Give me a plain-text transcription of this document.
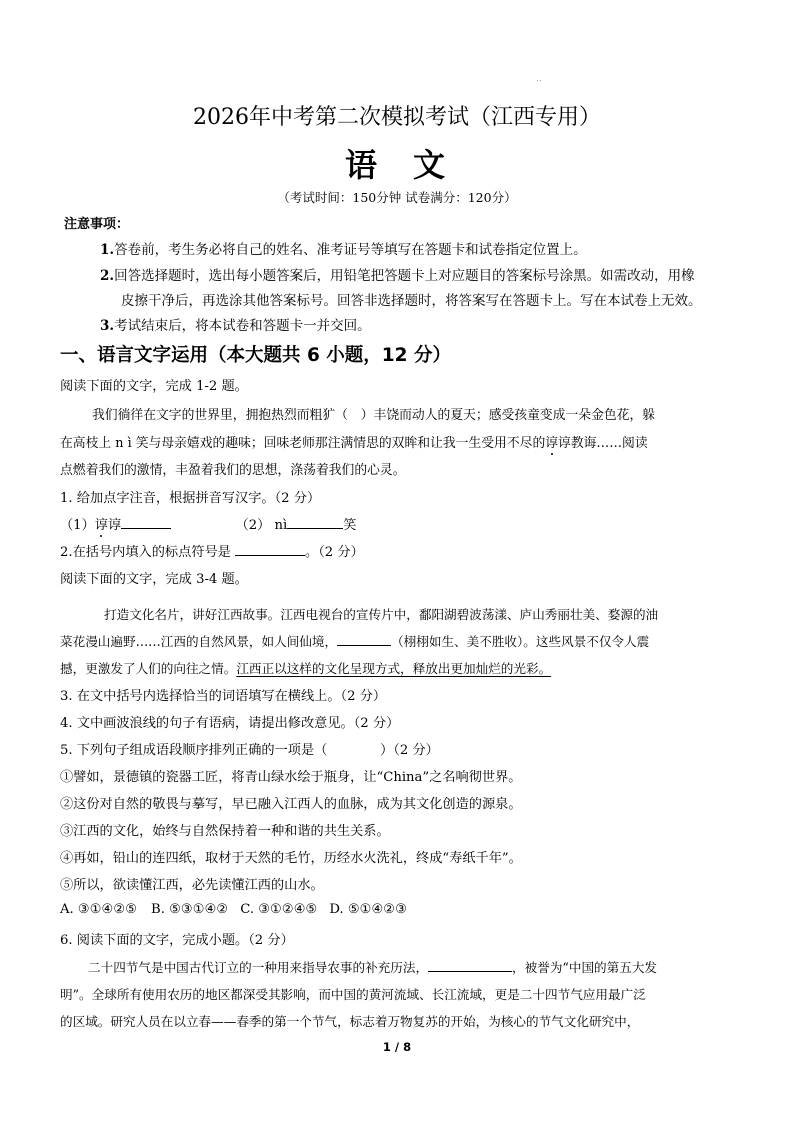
2026年中考第二次模拟考试（江西专用）
语 文
（考试时间：150分钟 试卷满分：120分）
注意事项：
1.答卷前，考生务必将自己的姓名、准考证号等填写在答题卡和试卷指定位置上。
2.回答选择题时，选出每小题答案后，用铅笔把答题卡上对应题目的答案标号涂黑。如需改动，用橡
皮擦干净后，再选涂其他答案标号。回答非选择题时，将答案写在答题卡上。写在本试卷上无效。
3.考试结束后，将本试卷和答题卡一并交回。
一、语言文字运用（本大题共 6 小题，12 分）
阅读下面的文字，完成 1-2 题。
我们徜徉在文字的世界里，拥抱热烈而粗犷（　）丰饶而动人的夏天；感受孩童变成一朵金色花，躲
在高枝上 n ì 笑与母亲嬉戏的趣味；回味老师那注满情思的双眸和让我一生受用不尽的谆谆教诲……阅读
点燃着我们的激情，丰盈着我们的思想，涤荡着我们的心灵。
1. 给加点字注音，根据拼音写汉字。（2 分）
（1）谆谆	（2） nì	笑
2.在括号内填入的标点符号是	。（2 分）
阅读下面的文字，完成 3-4 题。
打造文化名片，讲好江西故事。江西电视台的宣传片中，鄱阳湖碧波荡漾、庐山秀丽壮美、婺源的油
菜花漫山遍野……江西的自然风景，如人间仙境，	（栩栩如生、美不胜收）。这些风景不仅令人震
撼，更激发了人们的向往之情。江西正以这样的文化呈现方式，释放出更加灿烂的光彩。
3. 在文中括号内选择恰当的词语填写在横线上。（2 分）
4. 文中画波浪线的句子有语病，请提出修改意见。（2 分）
5. 下列句子组成语段顺序排列正确的一项是（　　　　）（2 分）
①譬如，景德镇的瓷器工匠，将青山绿水绘于瓶身，让“China”之名响彻世界。
②这份对自然的敬畏与摹写，早已融入江西人的血脉，成为其文化创造的源泉。
③江西的文化，始终与自然保持着一种和谐的共生关系。
④再如，铅山的连四纸，取材于天然的毛竹，历经水火洗礼，终成“寿纸千年”。
⑤所以，欲读懂江西，必先读懂江西的山水。
A. ③①④②⑤ B. ⑤③①④② C. ③①②④⑤ D. ⑤①④②③
6. 阅读下面的文字，完成小题。（2 分）
二十四节气是中国古代订立的一种用来指导农事的补充历法，	，被誉为“中国的第五大发
明”。全球所有使用农历的地区都深受其影响，而中国的黄河流域、长江流域，更是二十四节气应用最广泛
的区域。研究人员在以立春——春季的第一个节气，标志着万物复苏的开始，为核心的节气文化研究中，
1 / 8
